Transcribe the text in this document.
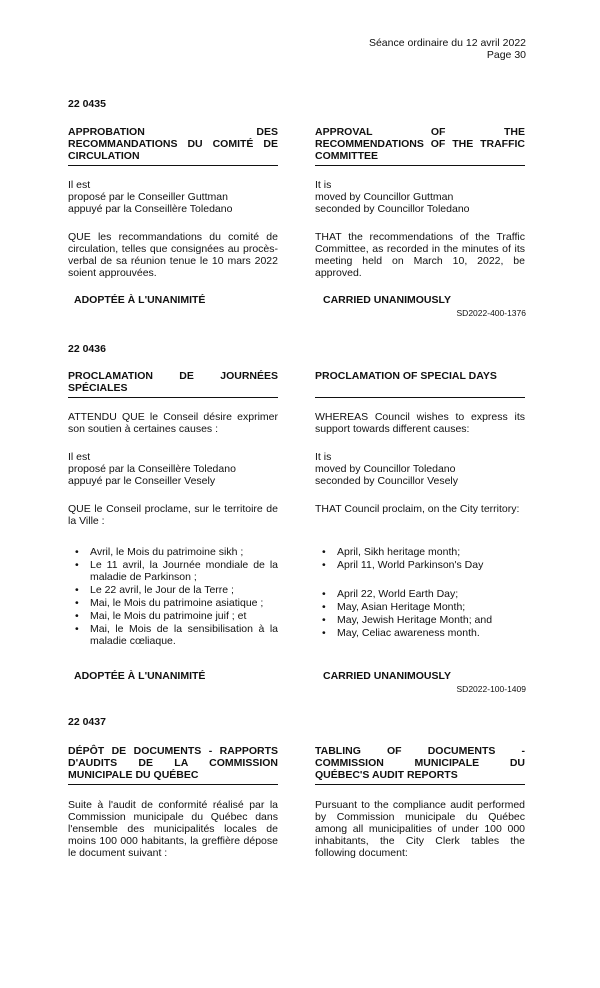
Séance ordinaire du 12 avril 2022
Page 30
22 0435
APPROBATION DES
RECOMMANDATIONS DU COMITÉ DE
CIRCULATION
APPROVAL OF THE
RECOMMENDATIONS OF THE TRAFFIC
COMMITTEE
Il est
proposé par le Conseiller Guttman
appuyé par la Conseillère Toledano
It is
moved by Councillor Guttman
seconded by Councillor Toledano
QUE les recommandations du comité de
circulation, telles que consignées au procès-
verbal de sa réunion tenue le 10 mars 2022
soient approuvées.
THAT the recommendations of the Traffic
Committee, as recorded in the minutes of its
meeting held on March 10, 2022, be
approved.
ADOPTÉE À L'UNANIMITÉ	CARRIED UNANIMOUSLY
SD2022-400-1376
22 0436
PROCLAMATION DE JOURNÉES
SPÉCIALES
PROCLAMATION OF SPECIAL DAYS
ATTENDU QUE le Conseil désire exprimer
son soutien à certaines causes :
WHEREAS Council wishes to express its
support towards different causes:
Il est
proposé par la Conseillère Toledano
appuyé par le Conseiller Vesely
It is
moved by Councillor Toledano
seconded by Councillor Vesely
QUE le Conseil proclame, sur le territoire de
la Ville :
THAT Council proclaim, on the City territory:
• Avril, le Mois du patrimoine sikh ;
• Le 11 avril, la Journée mondiale de la
maladie de Parkinson ;
• Le 22 avril, le Jour de la Terre ;
• Mai, le Mois du patrimoine asiatique ;
• Mai, le Mois du patrimoine juif ; et
• Mai, le Mois de la sensibilisation à la
maladie cœliaque.
• April, Sikh heritage month;
• April 11, World Parkinson's Day
• April 22, World Earth Day;
• May, Asian Heritage Month;
• May, Jewish Heritage Month; and
• May, Celiac awareness month.
ADOPTÉE À L'UNANIMITÉ	CARRIED UNANIMOUSLY
SD2022-100-1409
22 0437
DÉPÔT DE DOCUMENTS - RAPPORTS
D'AUDITS DE LA COMMISSION
MUNICIPALE DU QUÉBEC
TABLING OF DOCUMENTS -
COMMISSION MUNICIPALE DU
QUÉBEC'S AUDIT REPORTS
Suite à l'audit de conformité réalisé par la
Commission municipale du Québec dans
l'ensemble des municipalités locales de
moins 100 000 habitants, la greffière dépose
le document suivant :
Pursuant to the compliance audit performed
by Commission municipale du Québec
among all municipalities of under 100 000
inhabitants, the City Clerk tables the
following document:
